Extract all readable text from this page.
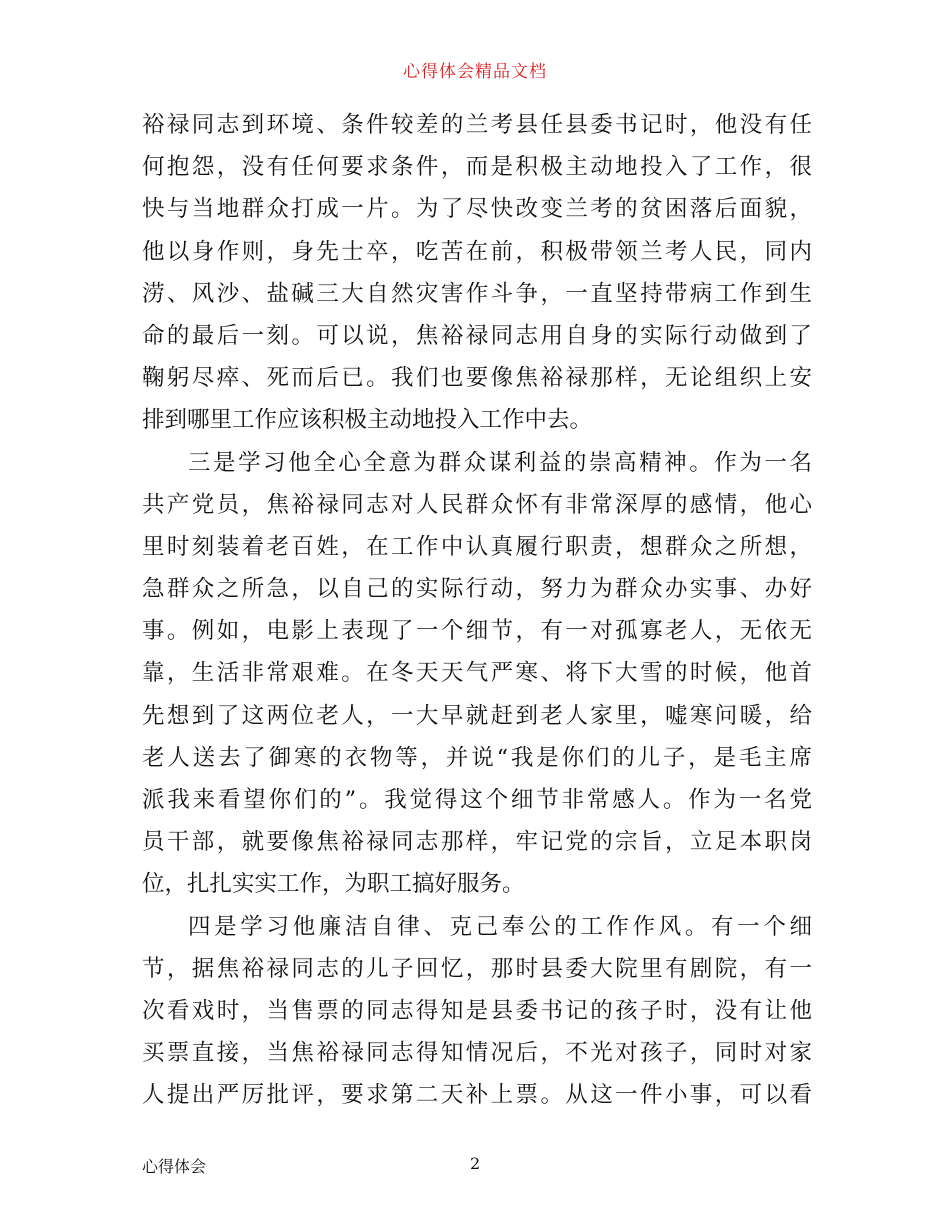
心得体会精品文档
裕禄同志到环境、条件较差的兰考县任县委书记时，他没有任
何抱怨，没有任何要求条件，而是积极主动地投入了工作，很
快与当地群众打成一片。为了尽快改变兰考的贫困落后面貌，
他以身作则，身先士卒，吃苦在前，积极带领兰考人民，同内
涝、风沙、盐碱三大自然灾害作斗争，一直坚持带病工作到生
命的最后一刻。可以说，焦裕禄同志用自身的实际行动做到了
鞠躬尽瘁、死而后已。我们也要像焦裕禄那样，无论组织上安
排到哪里工作应该积极主动地投入工作中去。
三是学习他全心全意为群众谋利益的崇高精神。作为一名
共产党员，焦裕禄同志对人民群众怀有非常深厚的感情，他心
里时刻装着老百姓，在工作中认真履行职责，想群众之所想，
急群众之所急，以自己的实际行动，努力为群众办实事、办好
事。例如，电影上表现了一个细节，有一对孤寡老人，无依无
靠，生活非常艰难。在冬天天气严寒、将下大雪的时候，他首
先想到了这两位老人，一大早就赶到老人家里，嘘寒问暖，给
老人送去了御寒的衣物等，并说“我是你们的儿子，是毛主席
派我来看望你们的”。我觉得这个细节非常感人。作为一名党
员干部，就要像焦裕禄同志那样，牢记党的宗旨，立足本职岗
位，扎扎实实工作，为职工搞好服务。
四是学习他廉洁自律、克己奉公的工作作风。有一个细
节，据焦裕禄同志的儿子回忆，那时县委大院里有剧院，有一
次看戏时，当售票的同志得知是县委书记的孩子时，没有让他
买票直接，当焦裕禄同志得知情况后，不光对孩子，同时对家
人提出严厉批评，要求第二天补上票。从这一件小事，可以看
心得体会	2
